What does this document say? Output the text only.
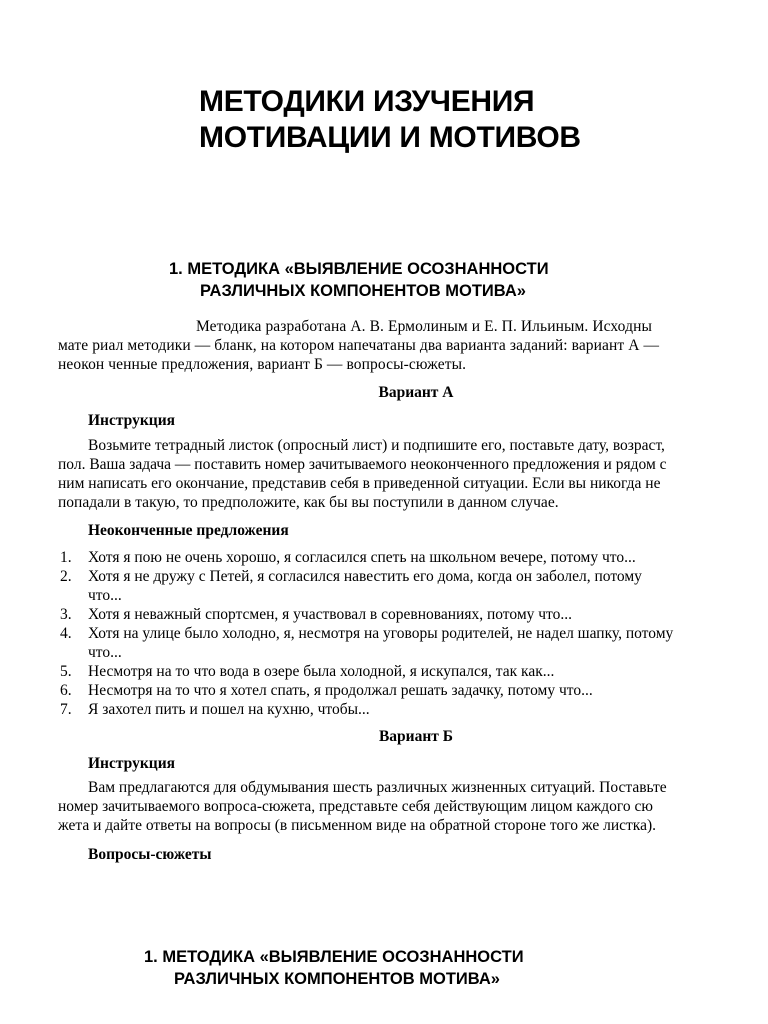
МЕТОДИКИ ИЗУЧЕНИЯ
МОТИВАЦИИ И МОТИВОВ
1. МЕТОДИКА «ВЫЯВЛЕНИЕ ОСОЗНАННОСТИ
РАЗЛИЧНЫХ КОМПОНЕНТОВ МОТИВА»
Методика разработана А. В. Ермолиным и Е. П. Ильиным. Исходны
мате риал методики — бланк, на котором напечатаны два варианта заданий: вариант А —
неокон ченные предложения, вариант Б — вопросы-сюжеты.

Вариант А

Инструкция

Возьмите тетрадный листок (опросный лист) и подпишите его, поставьте дату, возраст,
пол. Ваша задача — поставить номер зачитываемого неоконченного предложения и рядом с
ним написать его окончание, представив себя в приведенной ситуации. Если вы никогда не
попадали в такую, то предположите, как бы вы поступили в данном случае.

Неоконченные предложения

1. Хотя я пою не очень хорошо, я согласился спеть на школьном вечере, потому что...
2. Хотя я не дружу с Петей, я согласился навестить его дома, когда он заболел, потому
что...
3. Хотя я неважный спортсмен, я участвовал в соревнованиях, потому что...
4. Хотя на улице было холодно, я, несмотря на уговоры родителей, не надел шапку, потому
что...
5. Несмотря на то что вода в озере была холодной, я искупался, так как...
6. Несмотря на то что я хотел спать, я продолжал решать задачку, потому что...
7. Я захотел пить и пошел на кухню, чтобы...

Вариант Б

Инструкция

Вам предлагаются для обдумывания шесть различных жизненных ситуаций. Поставьте
номер зачитываемого вопроса-сюжета, представьте себя действующим лицом каждого сю
жета и дайте ответы на вопросы (в письменном виде на обратной стороне того же листка).

Вопросы-сюжеты

1. МЕТОДИКА «ВЫЯВЛЕНИЕ ОСОЗНАННОСТИ
РАЗЛИЧНЫХ КОМПОНЕНТОВ МОТИВА»
